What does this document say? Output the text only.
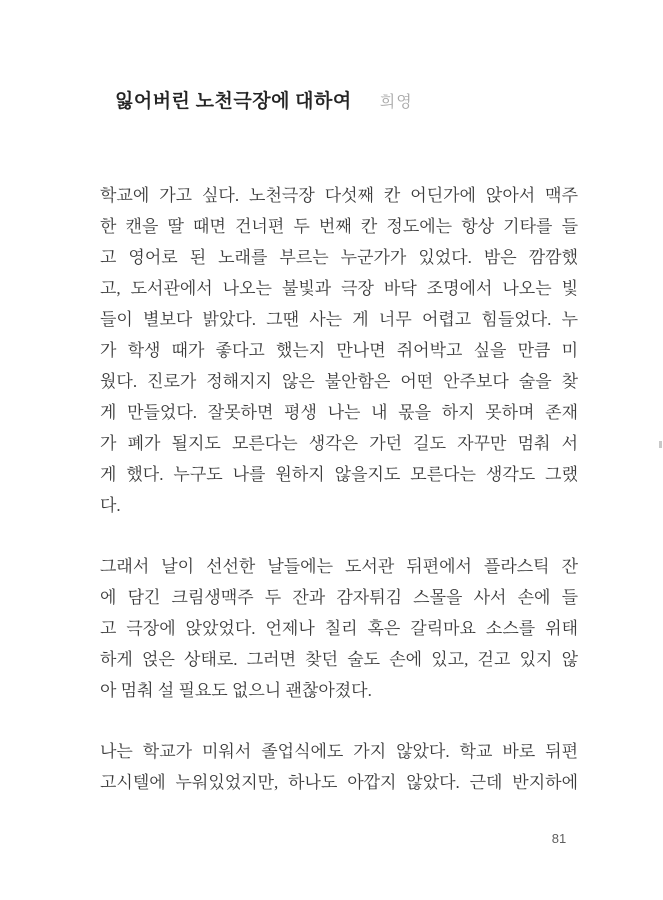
잃어버린 노천극장에 대하여 희영
학교에 가고 싶다. 노천극장 다섯째 칸 어딘가에 앉아서 맥주
한 캔을 딸 때면 건너편 두 번째 칸 정도에는 항상 기타를 들
고 영어로 된 노래를 부르는 누군가가 있었다. 밤은 깜깜했
고, 도서관에서 나오는 불빛과 극장 바닥 조명에서 나오는 빛
들이 별보다 밝았다. 그땐 사는 게 너무 어렵고 힘들었다. 누
가 학생 때가 좋다고 했는지 만나면 쥐어박고 싶을 만큼 미
웠다. 진로가 정해지지 않은 불안함은 어떤 안주보다 술을 찾
게 만들었다. 잘못하면 평생 나는 내 몫을 하지 못하며 존재
가 폐가 될지도 모른다는 생각은 가던 길도 자꾸만 멈춰 서
게 했다. 누구도 나를 원하지 않을지도 모른다는 생각도 그랬
다.
그래서 날이 선선한 날들에는 도서관 뒤편에서 플라스틱 잔
에 담긴 크림생맥주 두 잔과 감자튀김 스몰을 사서 손에 들
고 극장에 앉았었다. 언제나 칠리 혹은 갈릭마요 소스를 위태
하게 얹은 상태로. 그러면 찾던 술도 손에 있고, 걷고 있지 않
아 멈춰 설 필요도 없으니 괜찮아졌다.
나는 학교가 미워서 졸업식에도 가지 않았다. 학교 바로 뒤편
고시텔에 누워있었지만, 하나도 아깝지 않았다. 근데 반지하에
81
